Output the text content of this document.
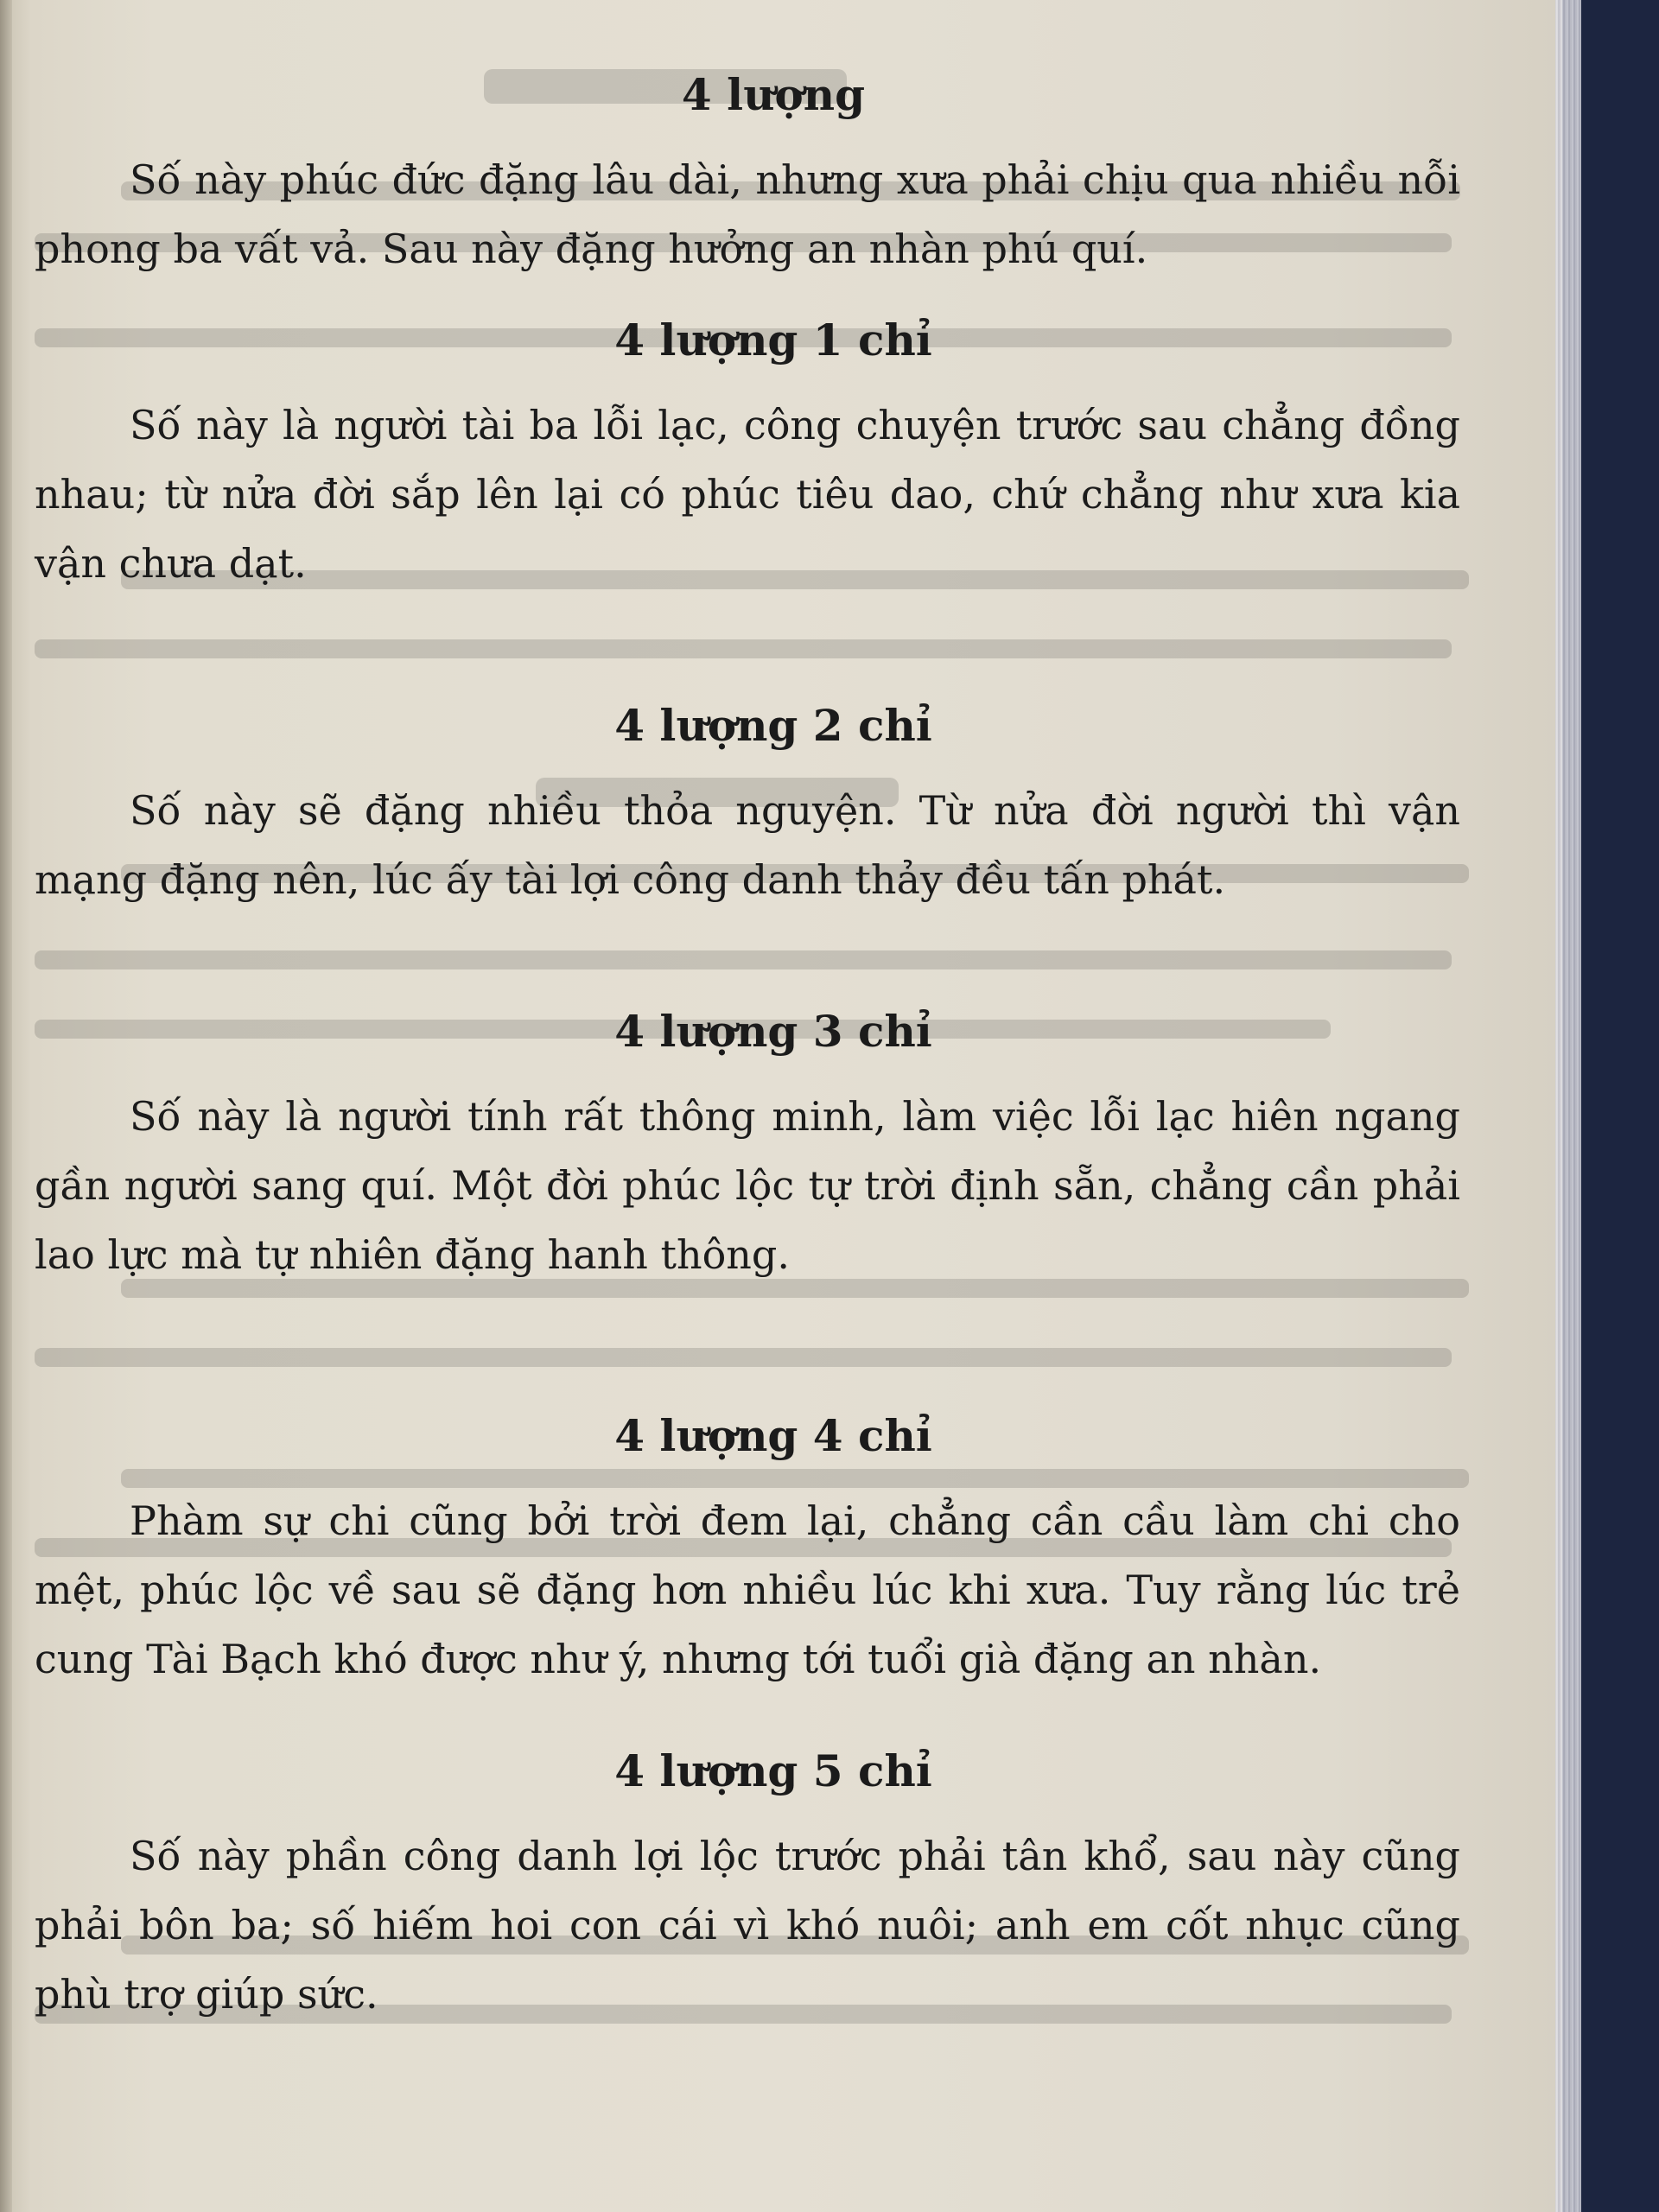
4 lượng

Số này phúc đức đặng lâu dài, nhưng xưa phải chịu qua nhiều nỗi phong ba vất vả. Sau này đặng hưởng an nhàn phú quí.

4 lượng 1 chỉ

Số này là người tài ba lỗi lạc, công chuyện trước sau chẳng đồng nhau; từ nửa đời sắp lên lại có phúc tiêu dao, chứ chẳng như xưa kia vận chưa dạt.

4 lượng 2 chỉ

Số này sẽ đặng nhiều thỏa nguyện. Từ nửa đời người thì vận mạng đặng nên, lúc ấy tài lợi công danh thảy đều tấn phát.

4 lượng 3 chỉ

Số này là người tính rất thông minh, làm việc lỗi lạc hiên ngang gần người sang quí. Một đời phúc lộc tự trời định sẵn, chẳng cần phải lao lực mà tự nhiên đặng hanh thông.

4 lượng 4 chỉ

Phàm sự chi cũng bởi trời đem lại, chẳng cần cầu làm chi cho mệt, phúc lộc về sau sẽ đặng hơn nhiều lúc khi xưa. Tuy rằng lúc trẻ cung Tài Bạch khó được như ý, nhưng tới tuổi già đặng an nhàn.

4 lượng 5 chỉ

Số này phần công danh lợi lộc trước phải tân khổ, sau này cũng phải bôn ba; số hiếm hoi con cái vì khó nuôi; anh em cốt nhục cũng phù trợ giúp sức.
